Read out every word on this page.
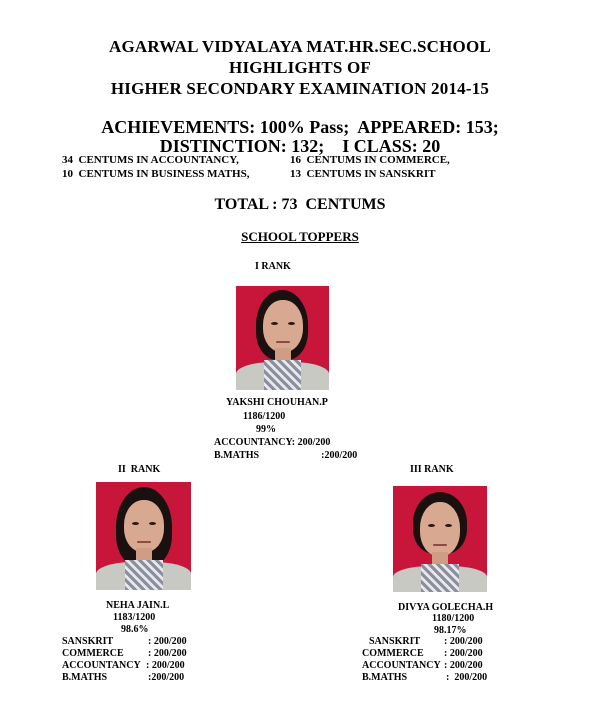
AGARWAL VIDYALAYA MAT.HR.SEC.SCHOOL
HIGHLIGHTS OF
HIGHER SECONDARY EXAMINATION 2014-15
ACHIEVEMENTS: 100% Pass;  APPEARED: 153;
DISTINCTION: 132;    I CLASS: 20
34  CENTUMS IN ACCOUNTANCY,	16  CENTUMS IN COMMERCE,
10  CENTUMS IN BUSINESS MATHS,	13  CENTUMS IN SANSKRIT
TOTAL : 73  CENTUMS
SCHOOL TOPPERS
I RANK
YAKSHI CHOUHAN.P
1186/1200
99%
ACCOUNTANCY: 200/200
B.MATHS	:200/200
II  RANK
NEHA JAIN.L
1183/1200
98.6%
SANSKRIT	: 200/200
COMMERCE : 200/200
ACCOUNTANCY : 200/200
B.MATHS	:200/200
III RANK
DIVYA GOLECHA.H
1180/1200
98.17%
SANSKRIT : 200/200
COMMERCE : 200/200
ACCOUNTANCY : 200/200
B.MATHS	:  200/200
